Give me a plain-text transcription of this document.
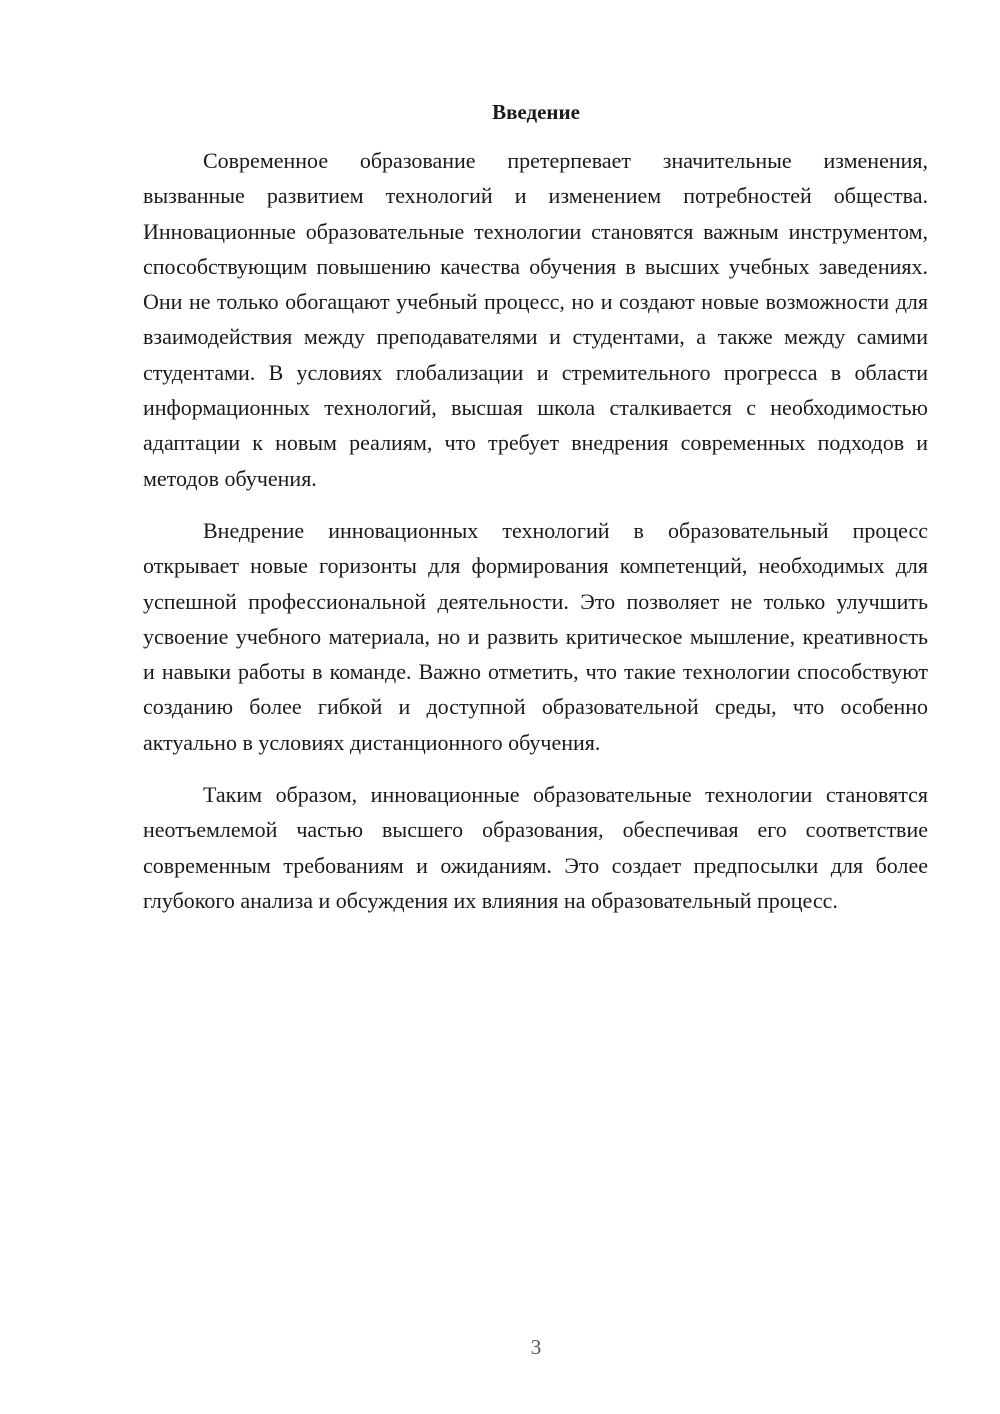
Введение

Современное образование претерпевает значительные изменения, вызванные развитием технологий и изменением потребностей общества. Инновационные образовательные технологии становятся важным инструментом, способствующим повышению качества обучения в высших учебных заведениях. Они не только обогащают учебный процесс, но и создают новые возможности для взаимодействия между преподавателями и студентами, а также между самими студентами. В условиях глобализации и стремительного прогресса в области информационных технологий, высшая школа сталкивается с необходимостью адаптации к новым реалиям, что требует внедрения современных подходов и методов обучения.

Внедрение инновационных технологий в образовательный процесс открывает новые горизонты для формирования компетенций, необходимых для успешной профессиональной деятельности. Это позволяет не только улучшить усвоение учебного материала, но и развить критическое мышление, креативность и навыки работы в команде. Важно отметить, что такие технологии способствуют созданию более гибкой и доступной образовательной среды, что особенно актуально в условиях дистанционного обучения.

Таким образом, инновационные образовательные технологии становятся неотъемлемой частью высшего образования, обеспечивая его соответствие современным требованиям и ожиданиям. Это создает предпосылки для более глубокого анализа и обсуждения их влияния на образовательный процесс.

3
